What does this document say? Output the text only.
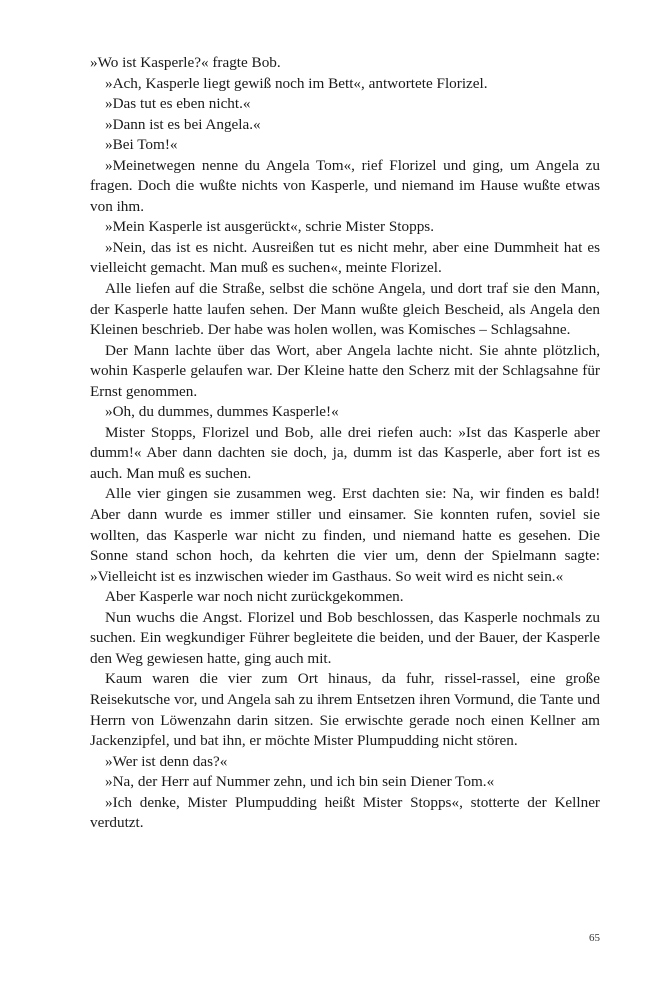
»Wo ist Kasperle?« fragte Bob.

»Ach, Kasperle liegt gewiß noch im Bett«, antwortete Florizel.

»Das tut es eben nicht.«

»Dann ist es bei Angela.«

»Bei Tom!«

»Meinetwegen nenne du Angela Tom«, rief Florizel und ging, um Angela zu fragen. Doch die wußte nichts von Kasperle, und niemand im Hause wußte etwas von ihm.

»Mein Kasperle ist ausgerückt«, schrie Mister Stopps.

»Nein, das ist es nicht. Ausreißen tut es nicht mehr, aber eine Dummheit hat es vielleicht gemacht. Man muß es suchen«, meinte Florizel.

Alle liefen auf die Straße, selbst die schöne Angela, und dort traf sie den Mann, der Kasperle hatte laufen sehen. Der Mann wußte gleich Bescheid, als Angela den Kleinen beschrieb. Der habe was holen wollen, was Komisches – Schlagsahne.

Der Mann lachte über das Wort, aber Angela lachte nicht. Sie ahnte plötzlich, wohin Kasperle gelaufen war. Der Kleine hatte den Scherz mit der Schlagsahne für Ernst genommen.

»Oh, du dummes, dummes Kasperle!«

Mister Stopps, Florizel und Bob, alle drei riefen auch: »Ist das Kasperle aber dumm!« Aber dann dachten sie doch, ja, dumm ist das Kasperle, aber fort ist es auch. Man muß es suchen.

Alle vier gingen sie zusammen weg. Erst dachten sie: Na, wir finden es bald! Aber dann wurde es immer stiller und einsamer. Sie konnten rufen, soviel sie wollten, das Kasperle war nicht zu finden, und niemand hatte es gesehen. Die Sonne stand schon hoch, da kehrten die vier um, denn der Spielmann sagte: »Vielleicht ist es inzwischen wieder im Gasthaus. So weit wird es nicht sein.«

Aber Kasperle war noch nicht zurückgekommen.

Nun wuchs die Angst. Florizel und Bob beschlossen, das Kasperle nochmals zu suchen. Ein wegkundiger Führer begleitete die beiden, und der Bauer, der Kasperle den Weg gewiesen hatte, ging auch mit.

Kaum waren die vier zum Ort hinaus, da fuhr, rissel-rassel, eine große Reisekutsche vor, und Angela sah zu ihrem Entsetzen ihren Vormund, die Tante und Herrn von Löwenzahn darin sitzen. Sie erwischte gerade noch einen Kellner am Jackenzipfel, und bat ihn, er möchte Mister Plumpudding nicht stören.

»Wer ist denn das?«

»Na, der Herr auf Nummer zehn, und ich bin sein Diener Tom.«

»Ich denke, Mister Plumpudding heißt Mister Stopps«, stotterte der Kellner verdutzt.

65
